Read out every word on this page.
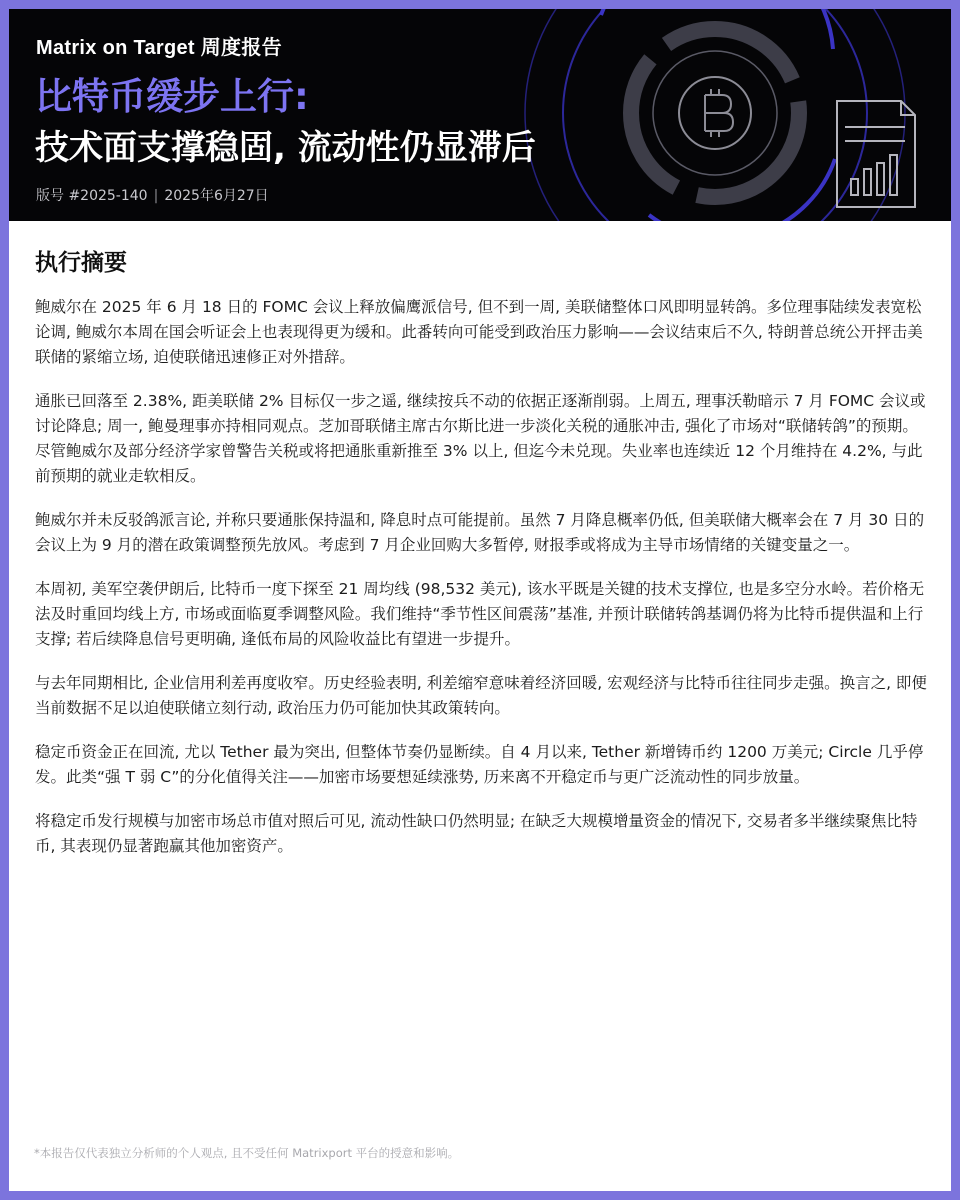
Matrix on Target 周度报告
比特币缓步上行:
技术面支撑稳固, 流动性仍显滞后
版号 #2025-140 | 2025年6月27日
执行摘要

鲍威尔在 2025 年 6 月 18 日的 FOMC 会议上释放偏鹰派信号, 但不到一周, 美联储整体口风即明显转鸽。多位理事陆续发表宽松论调, 鲍威尔本周在国会听证会上也表现得更为缓和。此番转向可能受到政治压力影响——会议结束后不久, 特朗普总统公开抨击美联储的紧缩立场, 迫使联储迅速修正对外措辞。

通胀已回落至 2.38%, 距美联储 2% 目标仅一步之遥, 继续按兵不动的依据正逐渐削弱。上周五, 理事沃勒暗示 7 月 FOMC 会议或讨论降息; 周一, 鲍曼理事亦持相同观点。芝加哥联储主席古尔斯比进一步淡化关税的通胀冲击, 强化了市场对“联储转鸽”的预期。尽管鲍威尔及部分经济学家曾警告关税或将把通胀重新推至 3% 以上, 但迄今未兑现。失业率也连续近 12 个月维持在 4.2%, 与此前预期的就业走软相反。

鲍威尔并未反驳鸽派言论, 并称只要通胀保持温和, 降息时点可能提前。虽然 7 月降息概率仍低, 但美联储大概率会在 7 月 30 日的会议上为 9 月的潜在政策调整预先放风。考虑到 7 月企业回购大多暂停, 财报季或将成为主导市场情绪的关键变量之一。

本周初, 美军空袭伊朗后, 比特币一度下探至 21 周均线 (98,532 美元), 该水平既是关键的技术支撑位, 也是多空分水岭。若价格无法及时重回均线上方, 市场或面临夏季调整风险。我们维持“季节性区间震荡”基准, 并预计联储转鸽基调仍将为比特币提供温和上行支撑; 若后续降息信号更明确, 逢低布局的风险收益比有望进一步提升。

与去年同期相比, 企业信用利差再度收窄。历史经验表明, 利差缩窄意味着经济回暖, 宏观经济与比特币往往同步走强。换言之, 即便当前数据不足以迫使联储立刻行动, 政治压力仍可能加快其政策转向。

稳定币资金正在回流, 尤以 Tether 最为突出, 但整体节奏仍显断续。自 4 月以来, Tether 新增铸币约 1200 万美元; Circle 几乎停发。此类“强 T 弱 C”的分化值得关注——加密市场要想延续涨势, 历来离不开稳定币与更广泛流动性的同步放量。

将稳定币发行规模与加密市场总市值对照后可见, 流动性缺口仍然明显; 在缺乏大规模增量资金的情况下, 交易者多半继续聚焦比特币, 其表现仍显著跑赢其他加密资产。

*本报告仅代表独立分析师的个人观点, 且不受任何 Matrixport 平台的授意和影响。
